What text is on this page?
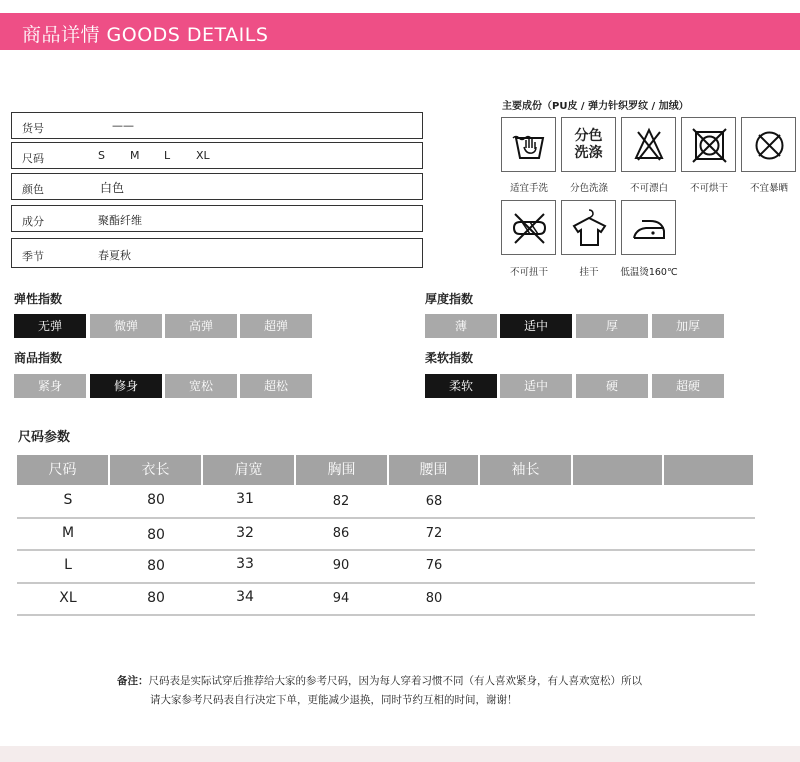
商品详情 GOODS DETAILS
货号	——
尺码	S M L XL
颜色	白色
成分	聚酯纤维
季节	春夏秋
主要成份（PU皮 / 弹力针织罗纹 / 加绒）
分色
洗涤
适宜手洗	分色洗涤	不可漂白	不可烘干	不宜暴晒
不可扭干	挂干	低温烫160℃
弹性指数
无弹	微弹	高弹	超弹
厚度指数
薄	适中	厚	加厚
商品指数
紧身	修身	宽松	超松
柔软指数
柔软	适中	硬	超硬
尺码参数
尺码	衣长	肩宽	胸围	腰围	袖长
S	80	31	82	68
M	80	32	86	72
L	80	33	90	76
XL	80	34	94	80
备注：尺码表是实际试穿后推荐给大家的参考尺码，因为每人穿着习惯不同（有人喜欢紧身，有人喜欢宽松）所以
请大家参考尺码表自行决定下单，更能减少退换，同时节约互相的时间，谢谢！
